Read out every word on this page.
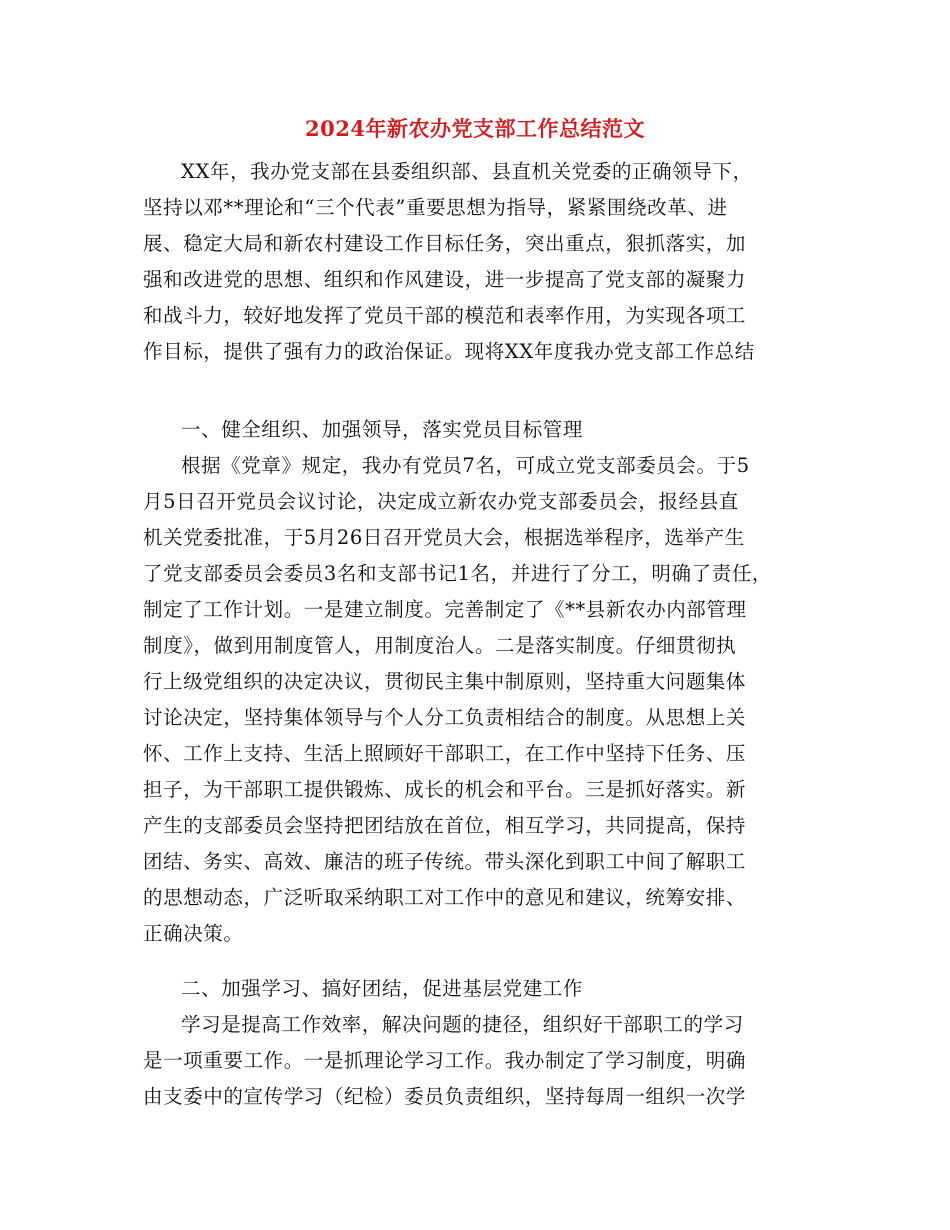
2024年新农办党支部工作总结范文
XX年，我办党支部在县委组织部、县直机关党委的正确领导下，
坚持以邓**理论和“三个代表”重要思想为指导，紧紧围绕改革、进
展、稳定大局和新农村建设工作目标任务，突出重点，狠抓落实，加
强和改进党的思想、组织和作风建设，进一步提高了党支部的凝聚力
和战斗力，较好地发挥了党员干部的模范和表率作用，为实现各项工
作目标，提供了强有力的政治保证。现将XX年度我办党支部工作总结
一、健全组织、加强领导，落实党员目标管理
根据《党章》规定，我办有党员7名，可成立党支部委员会。于5
月5日召开党员会议讨论，决定成立新农办党支部委员会，报经县直
机关党委批准，于5月26日召开党员大会，根据选举程序，选举产生
了党支部委员会委员3名和支部书记1名，并进行了分工，明确了责任，
制定了工作计划。一是建立制度。完善制定了《**县新农办内部管理
制度》，做到用制度管人，用制度治人。二是落实制度。仔细贯彻执
行上级党组织的决定决议，贯彻民主集中制原则，坚持重大问题集体
讨论决定，坚持集体领导与个人分工负责相结合的制度。从思想上关
怀、工作上支持、生活上照顾好干部职工，在工作中坚持下任务、压
担子，为干部职工提供锻炼、成长的机会和平台。三是抓好落实。新
产生的支部委员会坚持把团结放在首位，相互学习，共同提高，保持
团结、务实、高效、廉洁的班子传统。带头深化到职工中间了解职工
的思想动态，广泛听取采纳职工对工作中的意见和建议，统筹安排、
正确决策。
二、加强学习、搞好团结，促进基层党建工作
学习是提高工作效率，解决问题的捷径，组织好干部职工的学习
是一项重要工作。一是抓理论学习工作。我办制定了学习制度，明确
由支委中的宣传学习（纪检）委员负责组织，坚持每周一组织一次学
